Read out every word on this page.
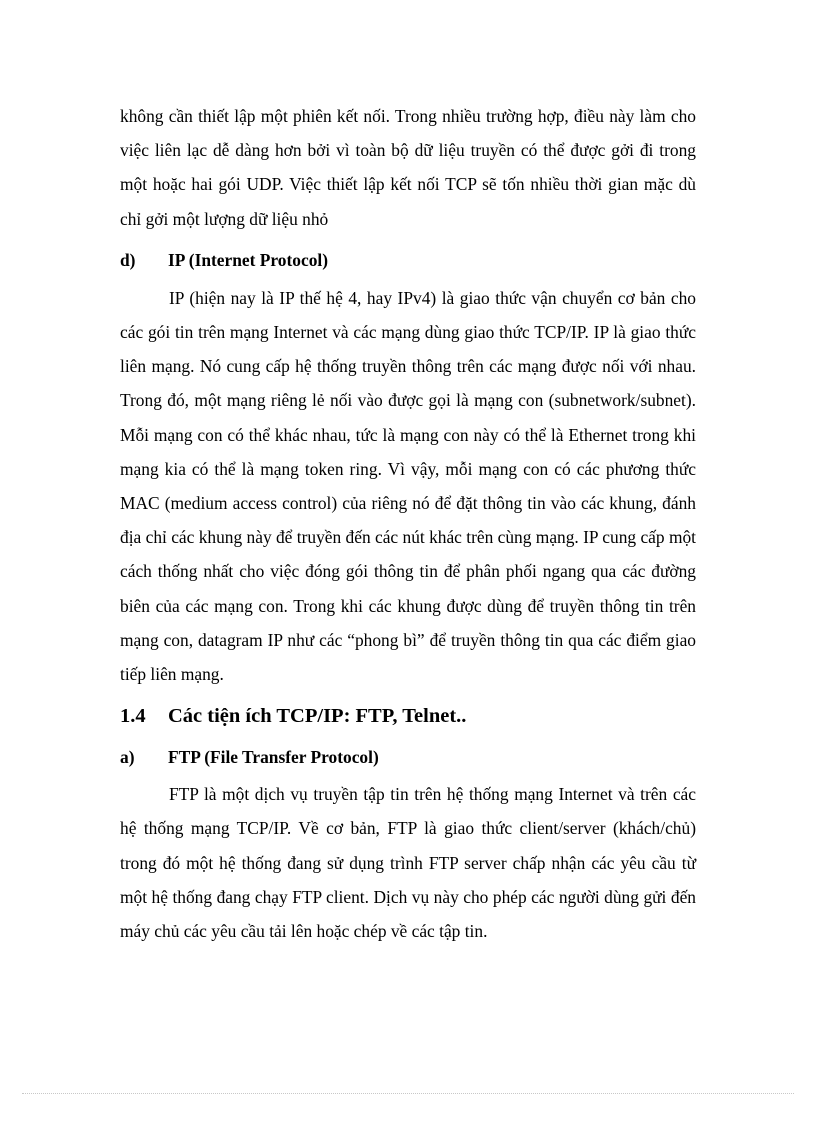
không cần thiết lập một phiên kết nối. Trong nhiều trường hợp, điều này làm cho việc liên lạc dễ dàng hơn bởi vì toàn bộ dữ liệu truyền có thể được gởi đi trong một hoặc hai gói UDP. Việc thiết lập kết nối TCP sẽ tốn nhiều thời gian mặc dù chỉ gởi một lượng dữ liệu nhỏ

d)	IP (Internet Protocol)

IP (hiện nay là IP thế hệ 4, hay IPv4) là giao thức vận chuyển cơ bản cho các gói tin trên mạng Internet và các mạng dùng giao thức TCP/IP. IP là giao thức liên mạng. Nó cung cấp hệ thống truyền thông trên các mạng được nối với nhau. Trong đó, một mạng riêng lẻ nối vào được gọi là mạng con (subnetwork/subnet). Mỗi mạng con có thể khác nhau, tức là mạng con này có thể là Ethernet trong khi mạng kia có thể là mạng token ring. Vì vậy, mỗi mạng con có các phương thức MAC (medium access control) của riêng nó để đặt thông tin vào các khung, đánh địa chỉ các khung này để truyền đến các nút khác trên cùng mạng. IP cung cấp một cách thống nhất cho việc đóng gói thông tin để phân phối ngang qua các đường biên của các mạng con. Trong khi các khung được dùng để truyền thông tin trên mạng con, datagram IP như các “phong bì” để truyền thông tin qua các điểm giao tiếp liên mạng.

1.4	Các tiện ích TCP/IP: FTP, Telnet..
a)	FTP (File Transfer Protocol)

FTP là một dịch vụ truyền tập tin trên hệ thống mạng Internet và trên các hệ thống mạng TCP/IP. Về cơ bản, FTP là giao thức client/server (khách/chủ) trong đó một hệ thống đang sử dụng trình FTP server chấp nhận các yêu cầu từ một hệ thống đang chạy FTP client. Dịch vụ này cho phép các người dùng gửi đến máy chủ các yêu cầu tải lên hoặc chép về các tập tin.
